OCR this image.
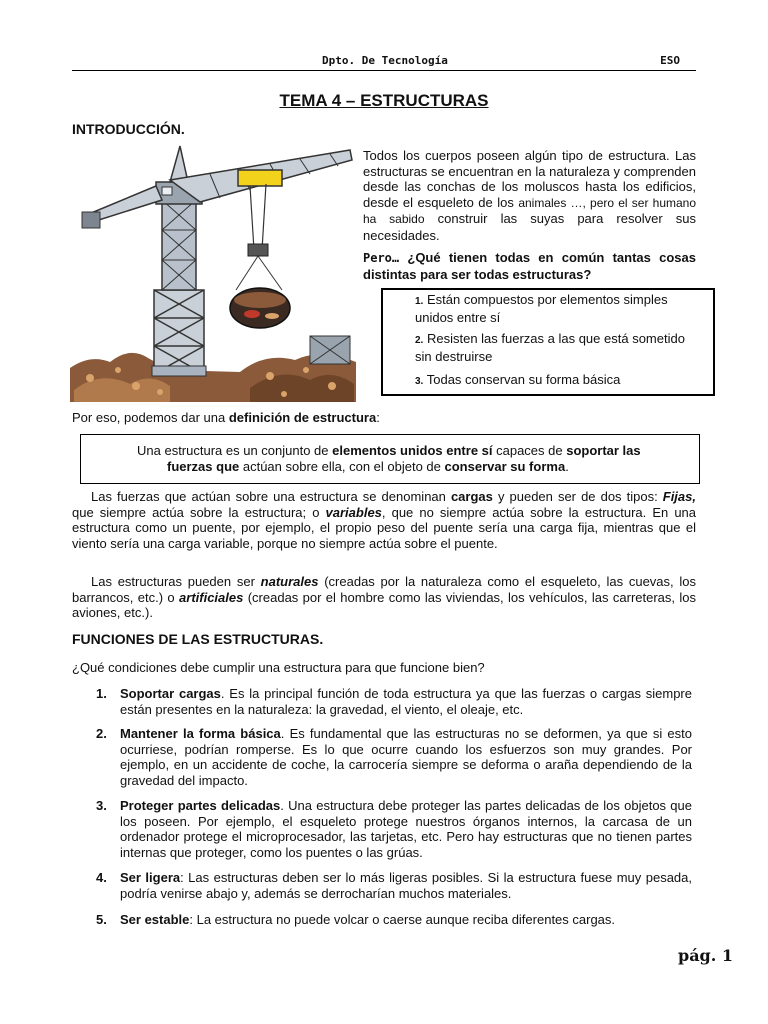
Dpto. De Tecnología	ESO
TEMA 4 – ESTRUCTURAS
INTRODUCCIÓN.
Todos los cuerpos poseen algún tipo de estructura. Las estructuras se encuentran en la naturaleza y comprenden desde las conchas de los moluscos hasta los edificios, desde el esqueleto de los animales …, pero el ser humano ha sabido construir las suyas para resolver sus necesidades.
Pero… ¿Qué tienen todas en común tantas cosas distintas para ser todas estructuras?
1. Están compuestos por elementos simples unidos entre sí
2. Resisten las fuerzas a las que está sometido sin destruirse
3. Todas conservan su forma básica
Por eso, podemos dar una definición de estructura:
Una estructura es un conjunto de elementos unidos entre sí capaces de soportar las
fuerzas que actúan sobre ella, con el objeto de conservar su forma.
Las fuerzas que actúan sobre una estructura se denominan cargas y pueden ser de dos tipos: Fijas, que siempre actúa sobre la estructura; o variables, que no siempre actúa sobre la estructura. En una estructura como un puente, por ejemplo, el propio peso del puente sería una carga fija, mientras que el viento sería una carga variable, porque no siempre actúa sobre el puente.
Las estructuras pueden ser naturales (creadas por la naturaleza como el esqueleto, las cuevas, los barrancos, etc.) o artificiales (creadas por el hombre como las viviendas, los vehículos, las carreteras, los aviones, etc.).
FUNCIONES DE LAS ESTRUCTURAS.
¿Qué condiciones debe cumplir una estructura para que funcione bien?
1. Soportar cargas. Es la principal función de toda estructura ya que las fuerzas o cargas siempre están presentes en la naturaleza: la gravedad, el viento, el oleaje, etc.
2. Mantener la forma básica. Es fundamental que las estructuras no se deformen, ya que si esto ocurriese, podrían romperse. Es lo que ocurre cuando los esfuerzos son muy grandes. Por ejemplo, en un accidente de coche, la carrocería siempre se deforma o araña dependiendo de la gravedad del impacto.
3. Proteger partes delicadas. Una estructura debe proteger las partes delicadas de los objetos que los poseen. Por ejemplo, el esqueleto protege nuestros órganos internos, la carcasa de un ordenador protege el microprocesador, las tarjetas, etc. Pero hay estructuras que no tienen partes internas que proteger, como los puentes o las grúas.
4. Ser ligera: Las estructuras deben ser lo más ligeras posibles. Si la estructura fuese muy pesada, podría venirse abajo y, además se derrocharían muchos materiales.
5. Ser estable: La estructura no puede volcar o caerse aunque reciba diferentes cargas.
pág. 1
